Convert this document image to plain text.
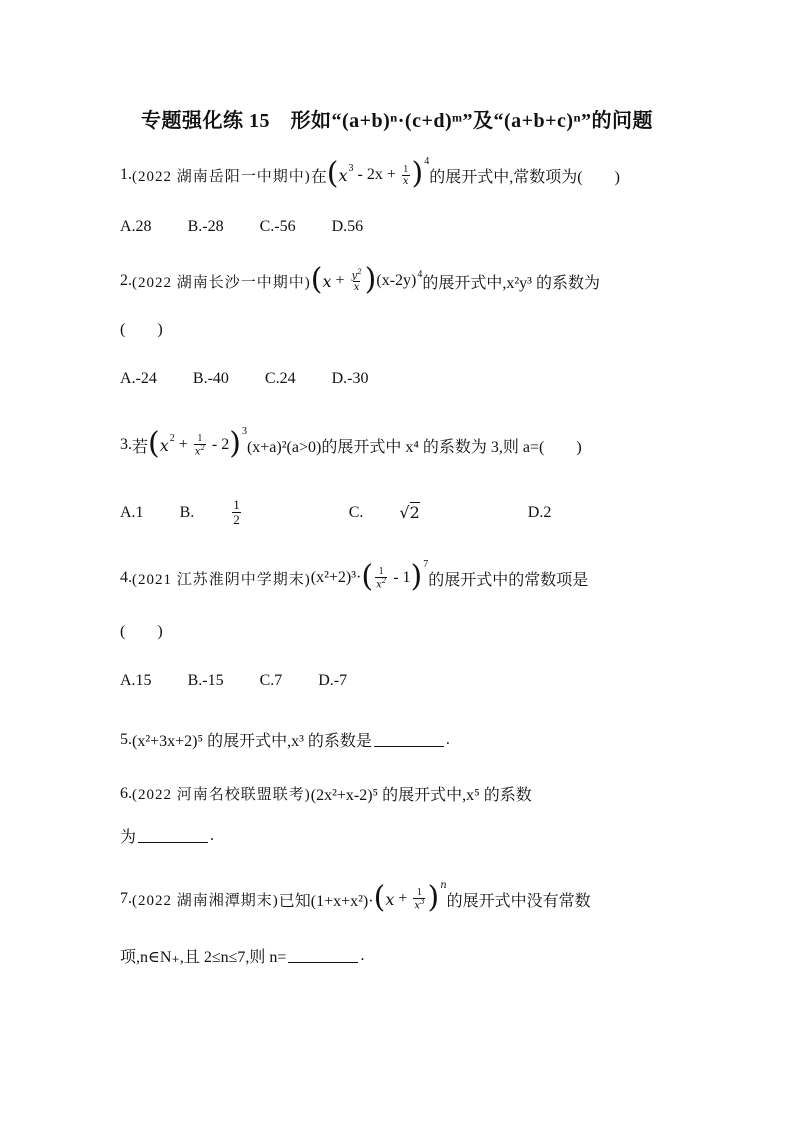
专题强化练 15　形如“(a+b)ⁿ·(c+d)ᵐ”及“(a+b+c)ⁿ”的问题
1. (2022 湖南岳阳一中期中) 在 ( x $3 - 2x + \frac{1}{x}$ ) 4
的展开式中,常数项为(　　)
A.28 B.-28 C.-56 D.56
2. (2022 湖南长沙一中期中) ( $x + \frac{y^2}{x}$ ) (x-2y) 4
的展开式中,x²y³ 的系数为
(　　)
A.-24 B.-40 C.24 D.-30
3. 若 ( x $2 + \frac{1}{x^2} - 2$ ) 3
(x+a)²(a>0)的展开式中 x⁴ 的系数为 3,则 a=(　　)
A.1 B.	$\frac{1}{2}$	C. √2	D.2
4. (2021 江苏淮阴中学期末) (x²+2)³· ( $\frac{1}{x^2} - 1$ ) 7
的展开式中的常数项是
(　　)
A.15 B.-15 C.7 D.-7
5. (x²+3x+2)⁵ 的展开式中,x³ 的系数是	.
6. (2022 河南名校联盟联考) (2x²+x-2)⁵ 的展开式中,x⁵ 的系数
为	.
7. (2022 湖南湘潭期末) 已知(1+x+x²)· ( $x + \frac{1}{x^3}$ ) n
的展开式中没有常数
项,n∈N₊,且 2≤n≤7,则 n=	.
